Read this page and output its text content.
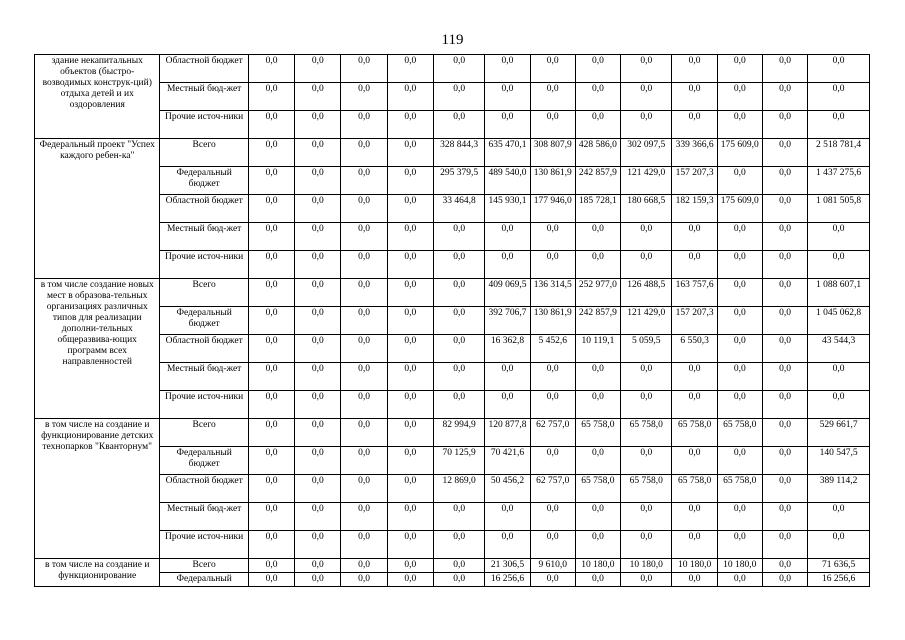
119
здание некапитальных объектов (быстро-возводимых конструк-ций) отдыха детей и их оздоровления	Областной бюджет	0,0	0,0	0,0	0,0	0,0	0,0	0,0	0,0	0,0	0,0	0,0	0,0	0,0
	Местный бюд-жет	0,0	0,0	0,0	0,0	0,0	0,0	0,0	0,0	0,0	0,0	0,0	0,0	0,0
	Прочие источ-ники	0,0	0,0	0,0	0,0	0,0	0,0	0,0	0,0	0,0	0,0	0,0	0,0	0,0
Федеральный проект "Успех каждого ребен-ка"	Всего	0,0	0,0	0,0	0,0	328 844,3	635 470,1	308 807,9	428 586,0	302 097,5	339 366,6	175 609,0	0,0	2 518 781,4
	Федеральный бюджет	0,0	0,0	0,0	0,0	295 379,5	489 540,0	130 861,9	242 857,9	121 429,0	157 207,3	0,0	0,0	1 437 275,6
	Областной бюджет	0,0	0,0	0,0	0,0	33 464,8	145 930,1	177 946,0	185 728,1	180 668,5	182 159,3	175 609,0	0,0	1 081 505,8
	Местный бюд-жет	0,0	0,0	0,0	0,0	0,0	0,0	0,0	0,0	0,0	0,0	0,0	0,0	0,0
	Прочие источ-ники	0,0	0,0	0,0	0,0	0,0	0,0	0,0	0,0	0,0	0,0	0,0	0,0	0,0
в том числе создание новых мест в образова-тельных организациях различных типов для реализации дополни-тельных общеразвива-ющих программ всех направленностей	Всего	0,0	0,0	0,0	0,0	0,0	409 069,5	136 314,5	252 977,0	126 488,5	163 757,6	0,0	0,0	1 088 607,1
	Федеральный бюджет	0,0	0,0	0,0	0,0	0,0	392 706,7	130 861,9	242 857,9	121 429,0	157 207,3	0,0	0,0	1 045 062,8
	Областной бюджет	0,0	0,0	0,0	0,0	0,0	16 362,8	5 452,6	10 119,1	5 059,5	6 550,3	0,0	0,0	43 544,3
	Местный бюд-жет	0,0	0,0	0,0	0,0	0,0	0,0	0,0	0,0	0,0	0,0	0,0	0,0	0,0
	Прочие источ-ники	0,0	0,0	0,0	0,0	0,0	0,0	0,0	0,0	0,0	0,0	0,0	0,0	0,0
в том числе на создание и функционирование детских технопарков "Кванторнум"	Всего	0,0	0,0	0,0	0,0	82 994,9	120 877,8	62 757,0	65 758,0	65 758,0	65 758,0	65 758,0	0,0	529 661,7
	Федеральный бюджет	0,0	0,0	0,0	0,0	70 125,9	70 421,6	0,0	0,0	0,0	0,0	0,0	0,0	140 547,5
	Областной бюджет	0,0	0,0	0,0	0,0	12 869,0	50 456,2	62 757,0	65 758,0	65 758,0	65 758,0	65 758,0	0,0	389 114,2
	Местный бюд-жет	0,0	0,0	0,0	0,0	0,0	0,0	0,0	0,0	0,0	0,0	0,0	0,0	0,0
	Прочие источ-ники	0,0	0,0	0,0	0,0	0,0	0,0	0,0	0,0	0,0	0,0	0,0	0,0	0,0
в том числе на создание и функционирование	Всего	0,0	0,0	0,0	0,0	0,0	21 306,5	9 610,0	10 180,0	10 180,0	10 180,0	10 180,0	0,0	71 636,5
	Федеральный	0,0	0,0	0,0	0,0	0,0	16 256,6	0,0	0,0	0,0	0,0	0,0	0,0	16 256,6
